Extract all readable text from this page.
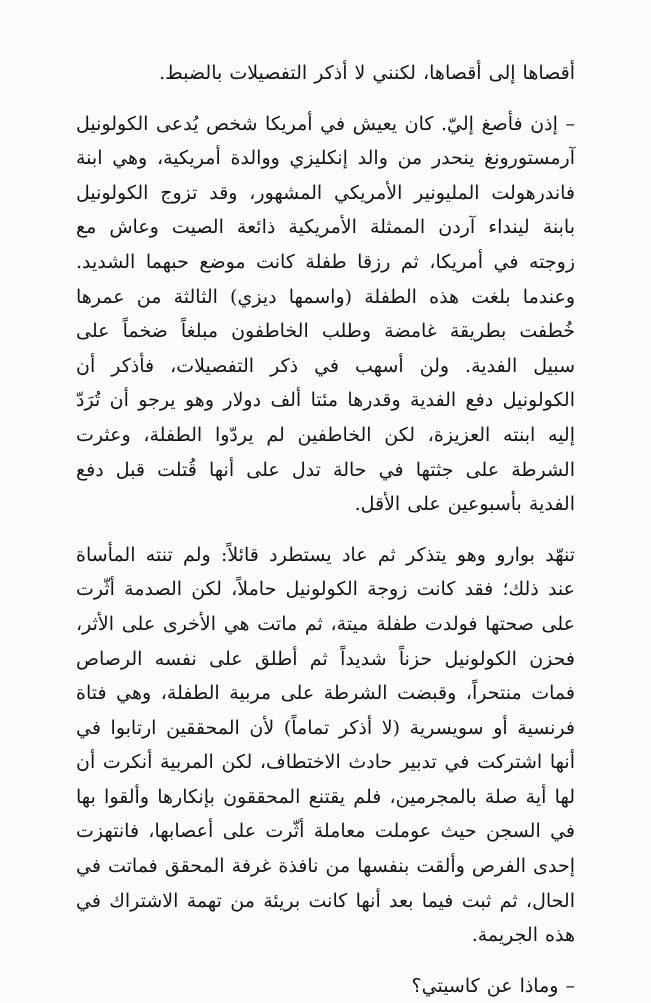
أقصاها إلى أقصاها، لكنني لا أذكر التفصيلات بالضبط.

– إذن فأصغ إليّ. كان يعيش في أمريكا شخص يُدعى الكولونيل آرمستورونغ ينحدر من والد إنكليزي ووالدة أمريكية، وهي ابنة فاندرهولت المليونير الأمريكي المشهور، وقد تزوج الكولونيل بابنة لينداء آردن الممثلة الأمريكية ذائعة الصيت وعاش مع زوجته في أمريكا، ثم رزقا طفلة كانت موضع حبهما الشديد. وعندما بلغت هذه الطفلة (واسمها ديزي) الثالثة من عمرها خُطفت بطريقة غامضة وطلب الخاطفون مبلغاً ضخماً على سبيل الفدية. ولن أسهب في ذكر التفصيلات، فأذكر أن الكولونيل دفع الفدية وقدرها مئتا ألف دولار وهو يرجو أن تُرَدّ إليه ابنته العزيزة، لكن الخاطفين لم يردّوا الطفلة، وعثرت الشرطة على جثتها في حالة تدل على أنها قُتلت قبل دفع الفدية بأسبوعين على الأقل.

تنهّد بوارو وهو يتذكر ثم عاد يستطرد قائلاً: ولم تنته المأساة عند ذلك؛ فقد كانت زوجة الكولونيل حاملاً، لكن الصدمة أثّرت على صحتها فولدت طفلة ميتة، ثم ماتت هي الأخرى على الأثر، فحزن الكولونيل حزناً شديداً ثم أطلق على نفسه الرصاص فمات منتحراً، وقبضت الشرطة على مربية الطفلة، وهي فتاة فرنسية أو سويسرية (لا أذكر تماماً) لأن المحققين ارتابوا في أنها اشتركت في تدبير حادث الاختطاف، لكن المربية أنكرت أن لها أية صلة بالمجرمين، فلم يقتنع المحققون بإنكارها وألقوا بها في السجن حيث عوملت معاملة أثّرت على أعصابها، فانتهزت إحدى الفرص وألقت بنفسها من نافذة غرفة المحقق فماتت في الحال، ثم ثبت فيما بعد أنها كانت بريئة من تهمة الاشتراك في هذه الجريمة.

– وماذا عن كاسيتي؟
